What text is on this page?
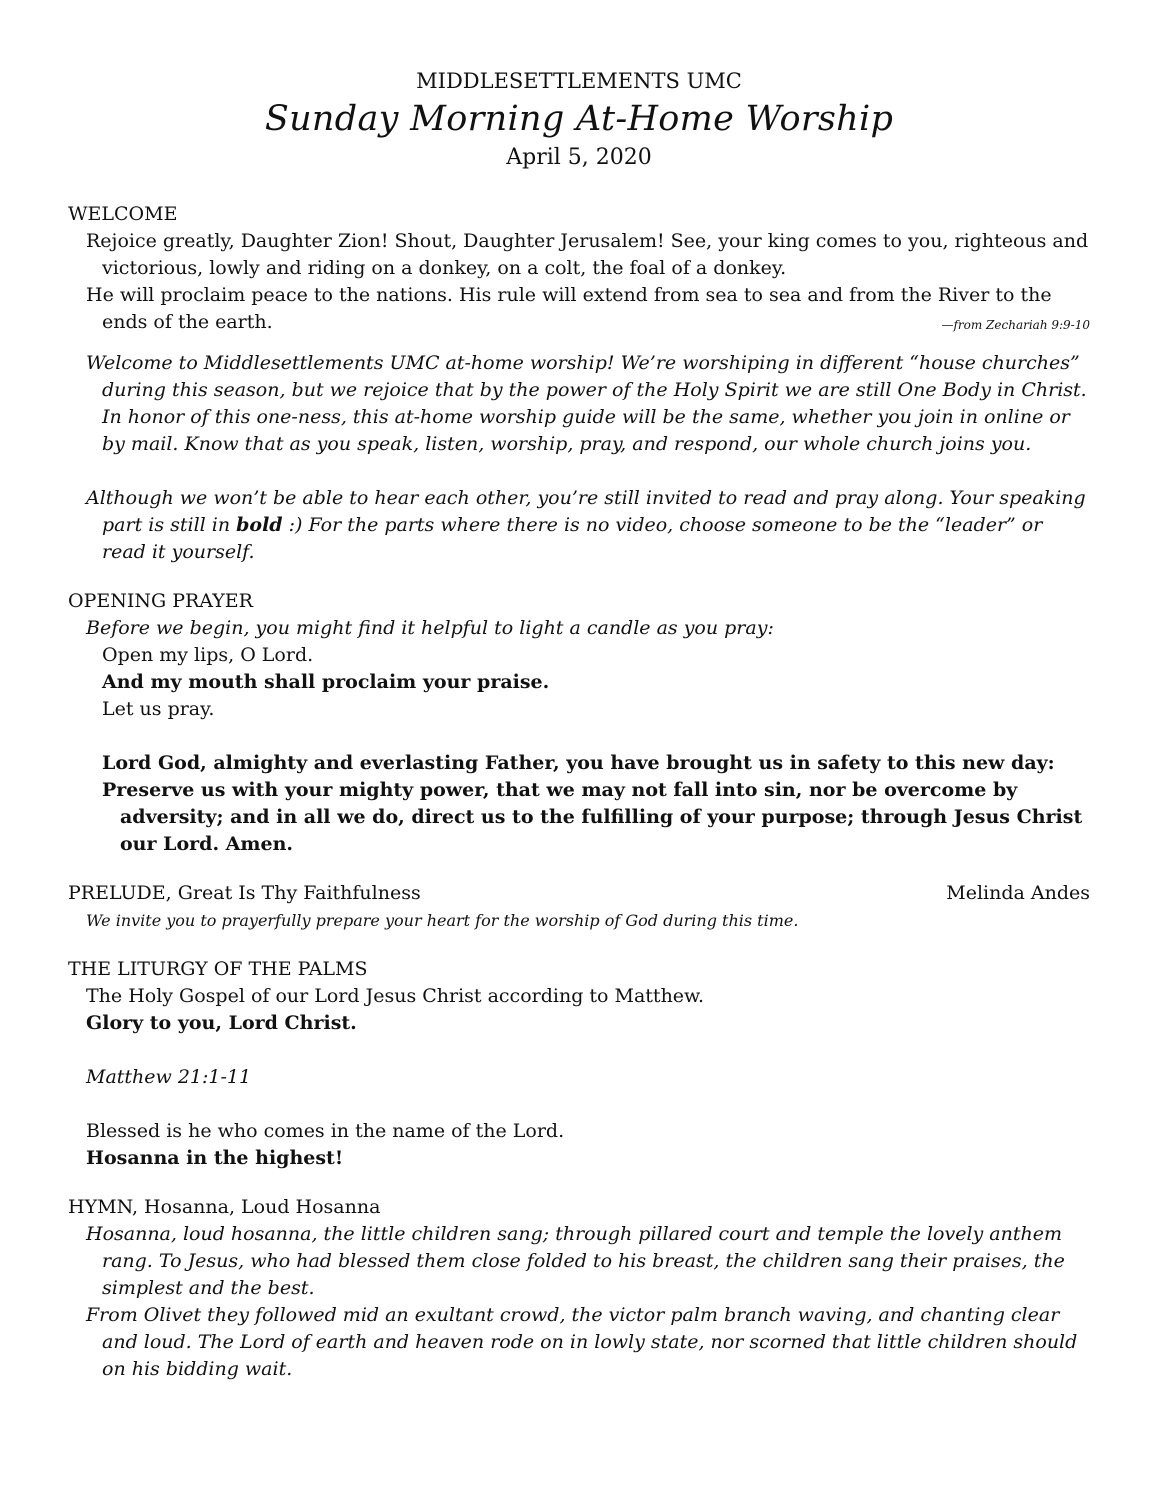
MIDDLESETTLEMENTS UMC
Sunday Morning At-Home Worship
April 5, 2020

WELCOME

Rejoice greatly, Daughter Zion! Shout, Daughter Jerusalem! See, your king comes to you, righteous and victorious, lowly and riding on a donkey, on a colt, the foal of a donkey.

He will proclaim peace to the nations. His rule will extend from sea to sea and from the River to the ends of the earth.	—from Zechariah 9:9-10

Welcome to Middlesettlements UMC at-home worship! We’re worshiping in different “house churches” during this season, but we rejoice that by the power of the Holy Spirit we are still One Body in Christ. In honor of this one-ness, this at-home worship guide will be the same, whether you join in online or by mail. Know that as you speak, listen, worship, pray, and respond, our whole church joins you.

Although we won’t be able to hear each other, you’re still invited to read and pray along. Your speaking part is still in bold :) For the parts where there is no video, choose someone to be the “leader” or read it yourself.

OPENING PRAYER

Before we begin, you might find it helpful to light a candle as you pray:

Open my lips, O Lord.

And my mouth shall proclaim your praise.

Let us pray.

Lord God, almighty and everlasting Father, you have brought us in safety to this new day:

Preserve us with your mighty power, that we may not fall into sin, nor be overcome by adversity; and in all we do, direct us to the fulfilling of your purpose; through Jesus Christ our Lord. Amen.

PRELUDE, Great Is Thy Faithfulness	Melinda Andes

We invite you to prayerfully prepare your heart for the worship of God during this time.

THE LITURGY OF THE PALMS

The Holy Gospel of our Lord Jesus Christ according to Matthew.

Glory to you, Lord Christ.

Matthew 21:1-11

Blessed is he who comes in the name of the Lord.

Hosanna in the highest!

HYMN, Hosanna, Loud Hosanna

Hosanna, loud hosanna, the little children sang; through pillared court and temple the lovely anthem rang. To Jesus, who had blessed them close folded to his breast, the children sang their praises, the simplest and the best.

From Olivet they followed mid an exultant crowd, the victor palm branch waving, and chanting clear and loud. The Lord of earth and heaven rode on in lowly state, nor scorned that little children should on his bidding wait.
